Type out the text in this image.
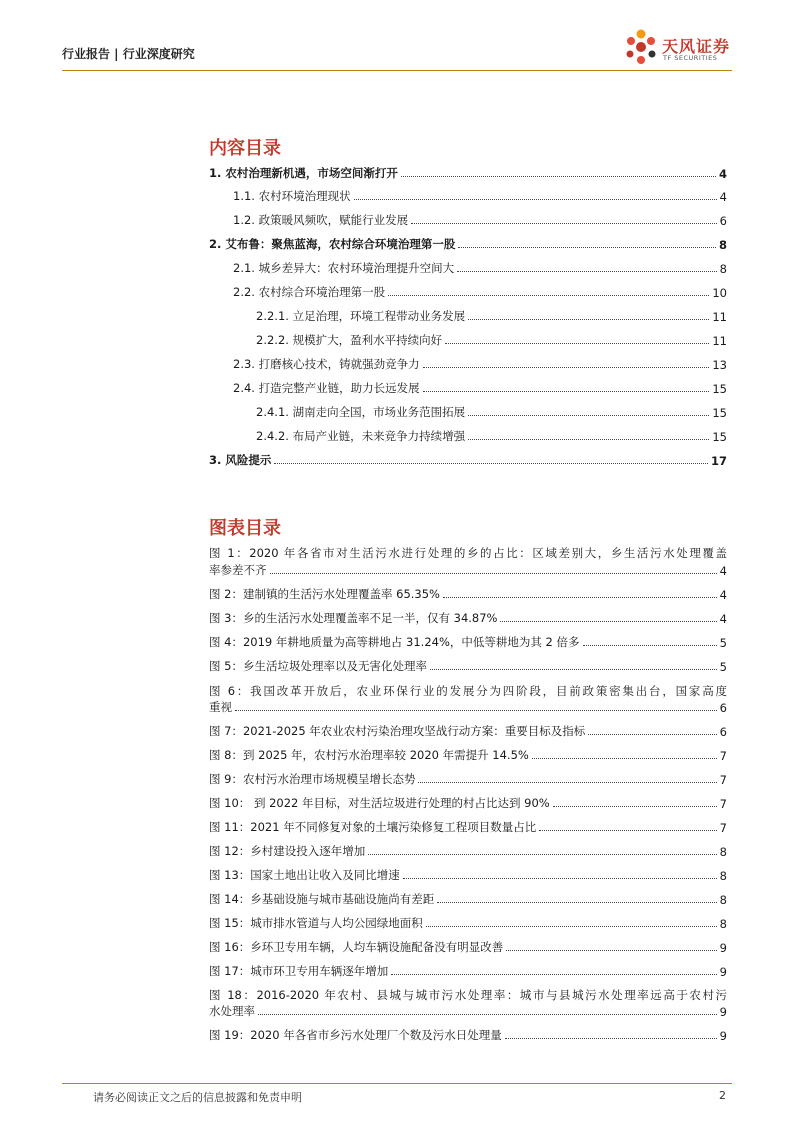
行业报告 | 行业深度研究	天风证券
TF SECURITIES
内容目录
1. 农村治理新机遇，市场空间渐打开	4
1.1. 农村环境治理现状	4
1.2. 政策暖风频吹，赋能行业发展	6
2. 艾布鲁：聚焦蓝海，农村综合环境治理第一股	8
2.1. 城乡差异大：农村环境治理提升空间大	8
2.2. 农村综合环境治理第一股	10
2.2.1. 立足治理，环境工程带动业务发展	11
2.2.2. 规模扩大，盈利水平持续向好	11
2.3. 打磨核心技术，铸就强劲竞争力	13
2.4. 打造完整产业链，助力长远发展	15
2.4.1. 湖南走向全国，市场业务范围拓展	15
2.4.2. 布局产业链，未来竞争力持续增强	15
3. 风险提示	17
图表目录
图 1：2020 年各省市对生活污水进行处理的乡的占比：区域差别大，乡生活污水处理覆盖
率参差不齐	4
图 2：建制镇的生活污水处理覆盖率 65.35%	4
图 3：乡的生活污水处理覆盖率不足一半，仅有 34.87%	4
图 4：2019 年耕地质量为高等耕地占 31.24%，中低等耕地为其 2 倍多	5
图 5：乡生活垃圾处理率以及无害化处理率	5
图 6：我国改革开放后，农业环保行业的发展分为四阶段，目前政策密集出台，国家高度
重视	6
图 7：2021-2025 年农业农村污染治理攻坚战行动方案：重要目标及指标	6
图 8：到 2025 年，农村污水治理率较 2020 年需提升 14.5%	7
图 9：农村污水治理市场规模呈增长态势	7
图 10： 到 2022 年目标，对生活垃圾进行处理的村占比达到 90%	7
图 11：2021 年不同修复对象的土壤污染修复工程项目数量占比	7
图 12：乡村建设投入逐年增加	8
图 13：国家土地出让收入及同比增速	8
图 14：乡基础设施与城市基础设施尚有差距	8
图 15：城市排水管道与人均公园绿地面积	8
图 16：乡环卫专用车辆，人均车辆设施配备没有明显改善	9
图 17：城市环卫专用车辆逐年增加	9
图 18：2016-2020 年农村、县城与城市污水处理率：城市与县城污水处理率远高于农村污
水处理率	9
图 19：2020 年各省市乡污水处理厂个数及污水日处理量	9
请务必阅读正文之后的信息披露和免责申明	2
